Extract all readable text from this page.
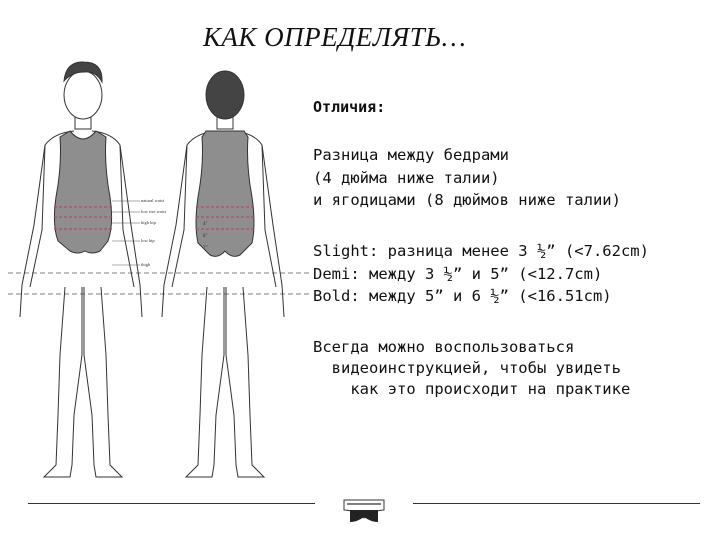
КАК ОПРЕДЕЛЯТЬ…
natural waist
low rise waist
high hip
low hip
thigh
4"
8"
7"
Отличия:
Разница между бедрами
(4 дюйма ниже талии)
и ягодицами (8 дюймов ниже талии)
Slight: разница менее 3 ½” (<7.62cm)
Demi: между 3 ½” и 5” (<12.7cm)
Bold: между 5” и 6 ½” (<16.51cm)
Всегда можно воспользоваться
видеоинструкцией, чтобы увидеть
как это происходит на практике
